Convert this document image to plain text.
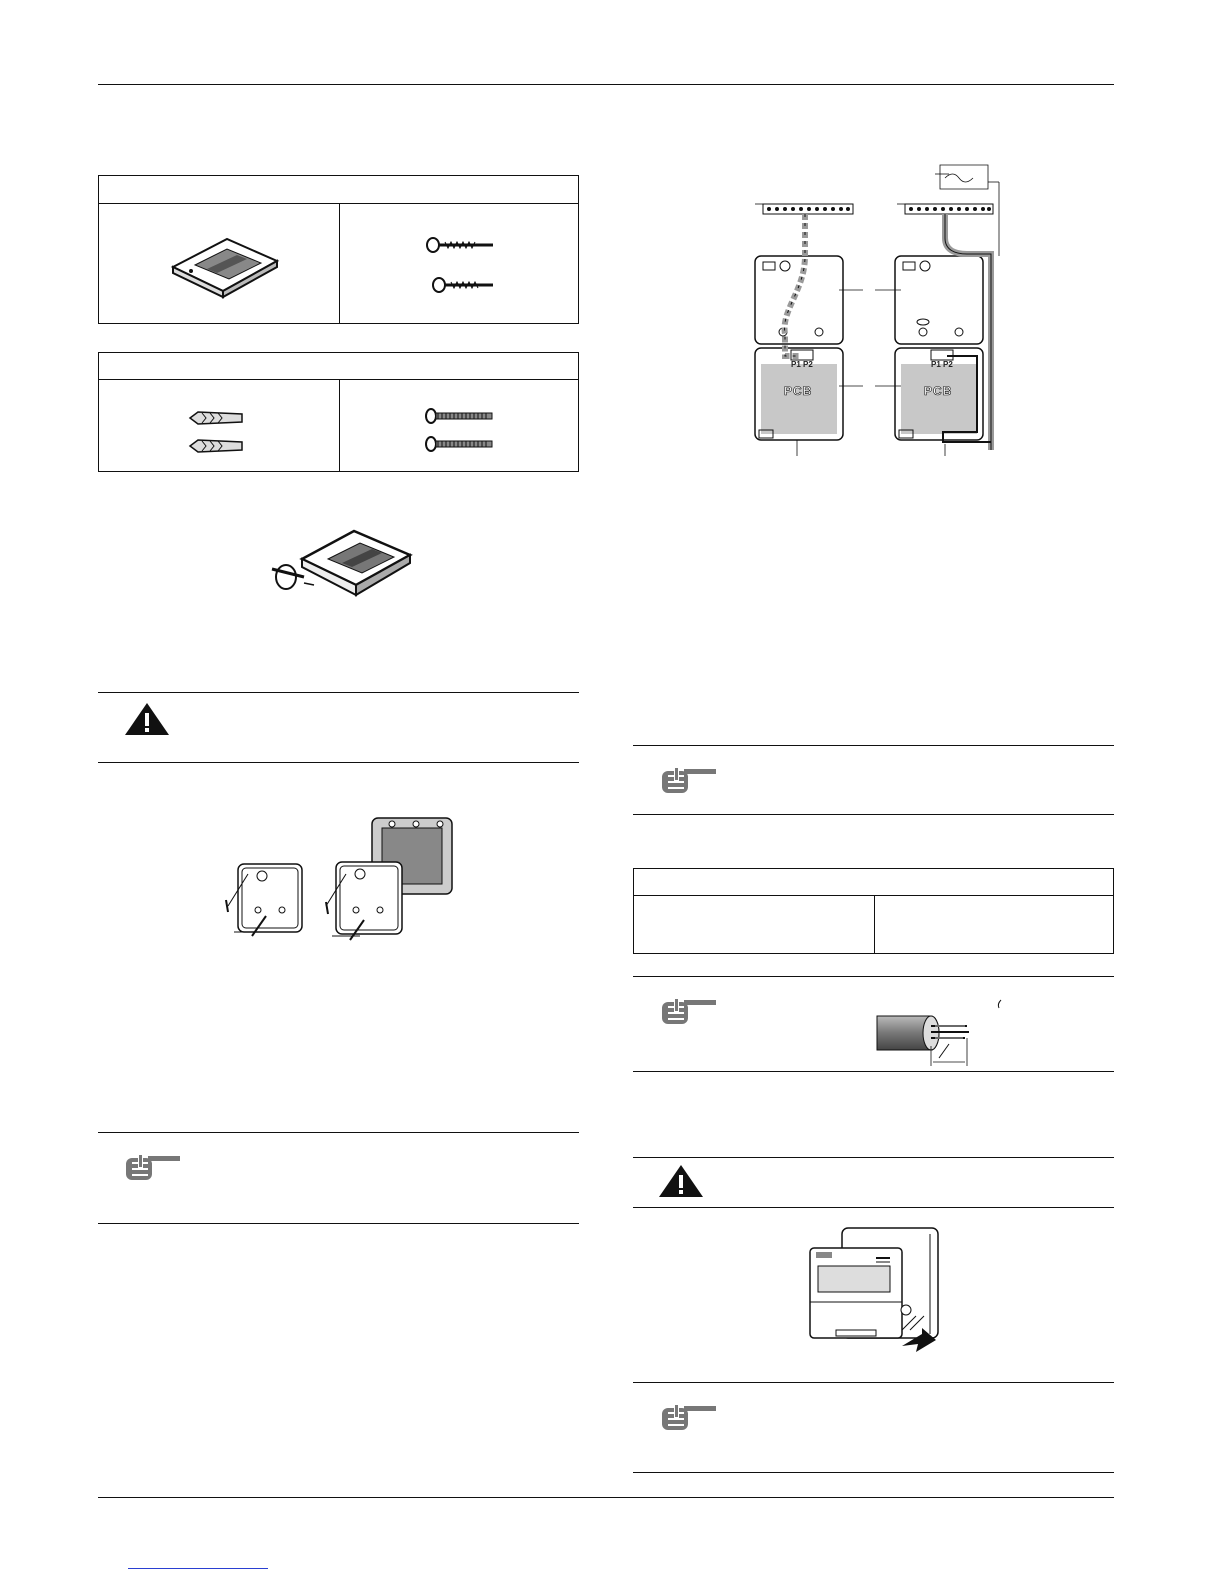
P1 P2
PCB
P1 P2
PCB
